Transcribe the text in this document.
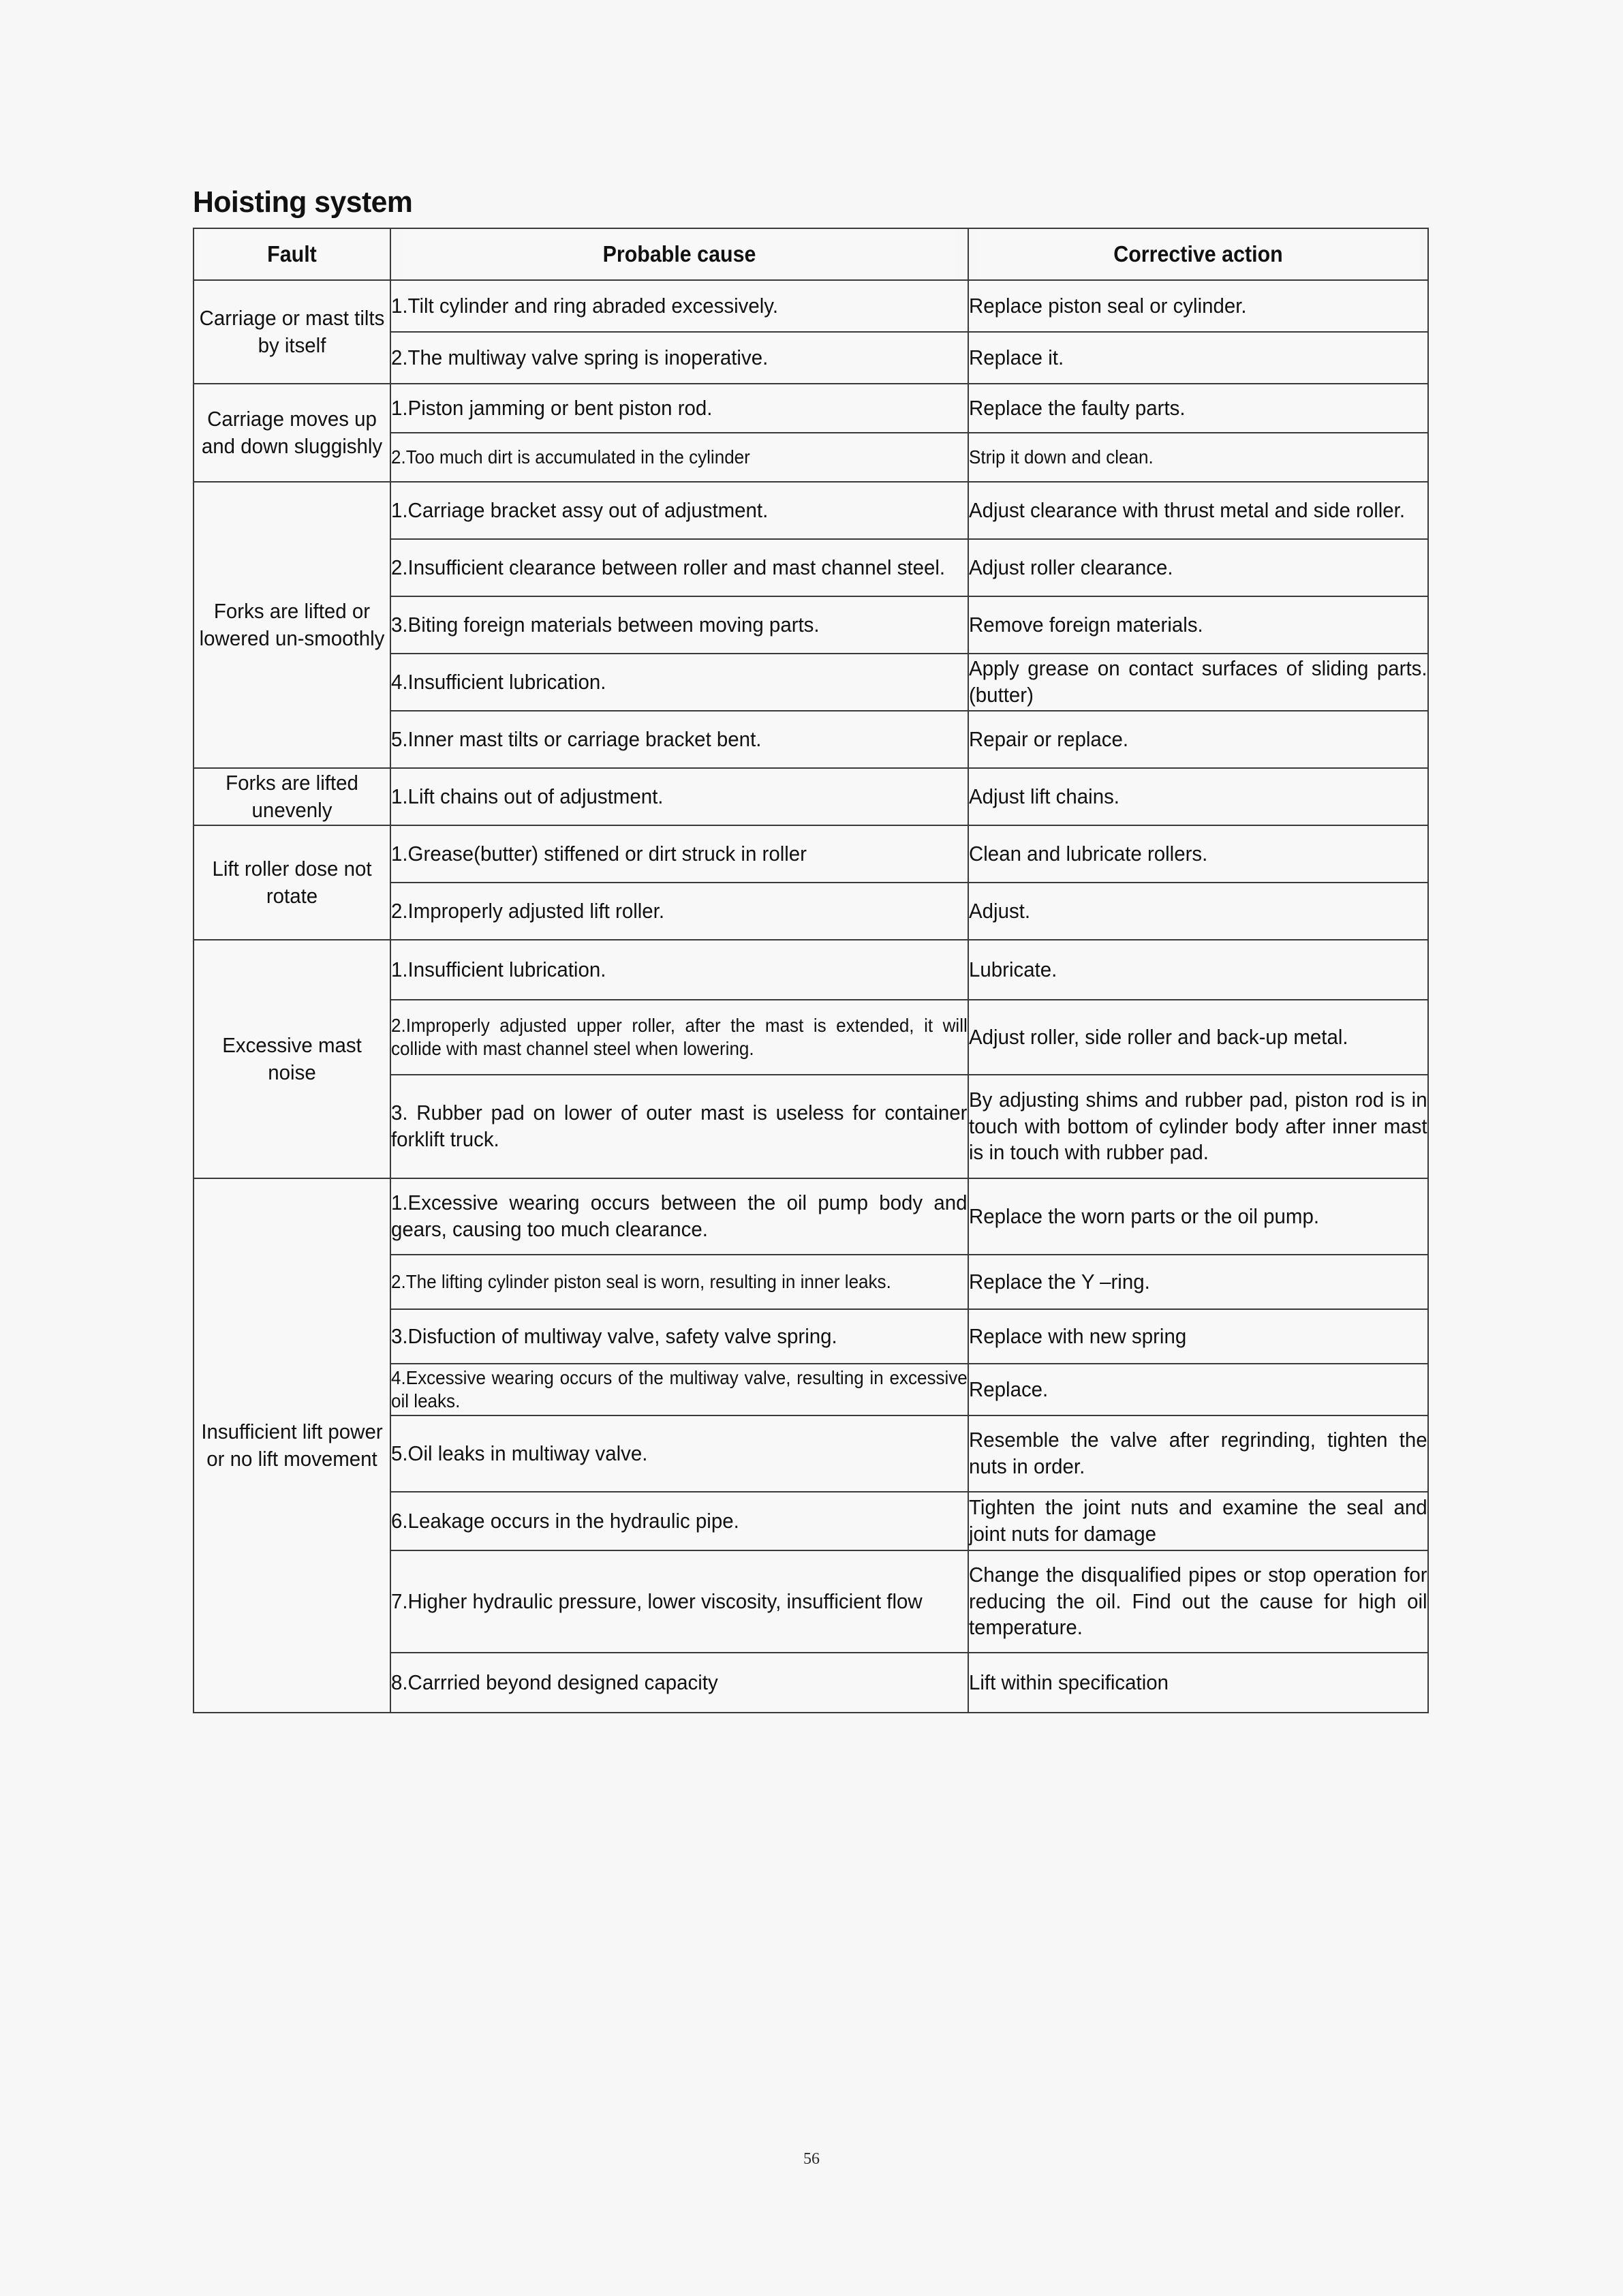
Hoisting system
Fault	Probable cause	Corrective action

Carriage or mast tilts by itself	1.Tilt cylinder and ring abraded excessively.	Replace piston seal or cylinder.

	2.The multiway valve spring is inoperative.	Replace it.

Carriage moves up and down sluggishly	1.Piston jamming or bent piston rod.	Replace the faulty parts.

	2.Too much dirt is accumulated in the cylinder	Strip it down and clean.

Forks are lifted or lowered un-smoothly	1.Carriage bracket assy out of adjustment.	Adjust clearance with thrust metal and side roller.

	2.Insufficient clearance between roller and mast channel steel.	Adjust roller clearance.

	3.Biting foreign materials between moving parts.	Remove foreign materials.

	4.Insufficient lubrication.	Apply grease on contact surfaces of sliding parts.(butter)

	5.Inner mast tilts or carriage bracket bent.	Repair or replace.

Forks are lifted unevenly	1.Lift chains out of adjustment.	Adjust lift chains.

Lift roller dose not rotate	1.Grease(butter) stiffened or dirt struck in roller	Clean and lubricate rollers.

	2.Improperly adjusted lift roller.	Adjust.

Excessive mast noise	1.Insufficient lubrication.	Lubricate.

	2.Improperly adjusted upper roller, after the mast is extended, it will collide with mast channel steel when lowering.	Adjust roller, side roller and back-up metal.

	3. Rubber pad on lower of outer mast is useless for container forklift truck.	By adjusting shims and rubber pad, piston rod is in touch with bottom of cylinder body after inner mast is in touch with rubber pad.

Insufficient lift power or no lift movement	1.Excessive wearing occurs between the oil pump body and gears, causing too much clearance.	Replace the worn parts or the oil pump.

	2.The lifting cylinder piston seal is worn, resulting in inner leaks.	Replace the Y –ring.

	3.Disfuction of multiway valve, safety valve spring.	Replace with new spring

	4.Excessive wearing occurs of the multiway valve, resulting in excessive oil leaks.	Replace.

	5.Oil leaks in multiway valve.	Resemble the valve after regrinding, tighten the nuts in order.

	6.Leakage occurs in the hydraulic pipe.	Tighten the joint nuts and examine the seal and joint nuts for damage

	7.Higher hydraulic pressure, lower viscosity, insufficient flow	Change the disqualified pipes or stop operation for reducing the oil. Find out the cause for high oil temperature.

	8.Carrried beyond designed capacity	Lift within specification
56
